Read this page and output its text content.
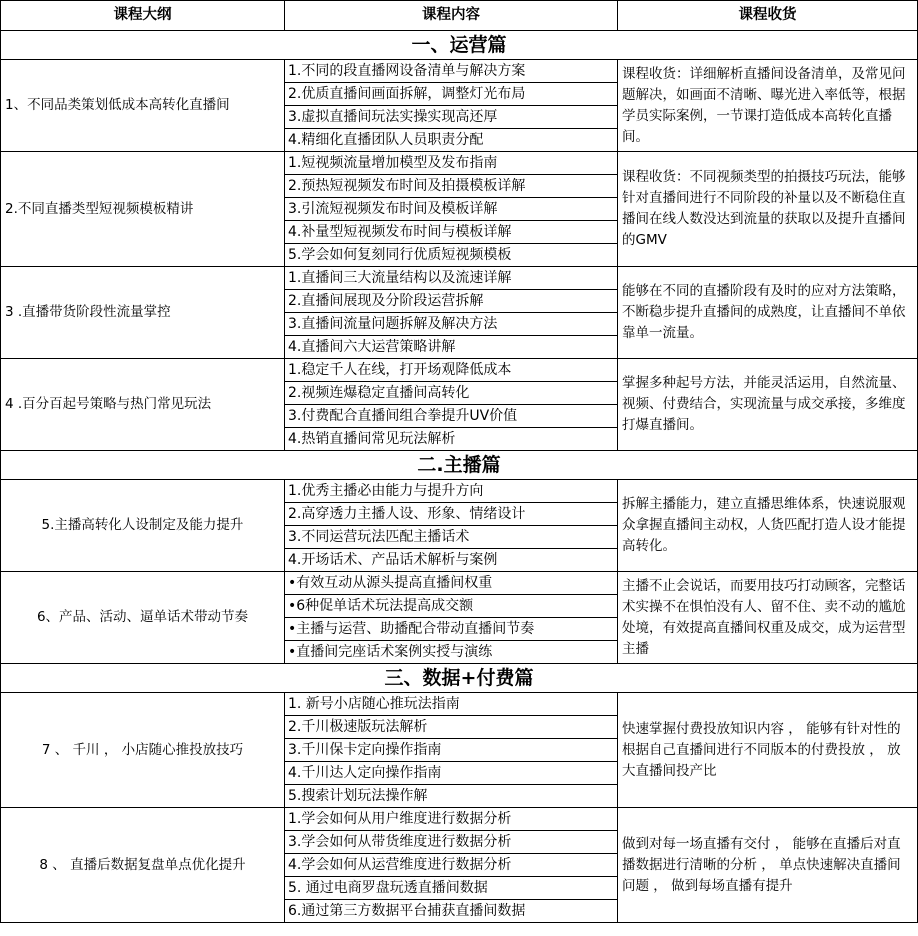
课程大纲	课程内容	课程收货
一、运营篇		
1、不同品类策划低成本高转化直播间	1.不同的段直播网设备清单与解决方案	课程收货：详细解析直播间设备清单，及常见问题解决，如画面不清晰、曝光进入率低等，根据学员实际案例，一节课打造低成本高转化直播间。
	2.优质直播间画面拆解，调整灯光布局	
	3.虚拟直播间玩法实操实现高还厚	
	4.精细化直播团队人员职责分配	
2.不同直播类型短视频模板精讲	1.短视频流量增加模型及发布指南	课程收货：不同视频类型的拍摄技巧玩法，能够针对直播间进行不同阶段的补量以及不断稳住直播间在线人数没达到流量的获取以及提升直播间的GMV
	2.预热短视频发布时间及拍摄模板详解	
	3.引流短视频发布时间及模板详解	
	4.补量型短视频发布时间与模板详解	
	5.学会如何复刻同行优质短视频模板	
3 .直播带货阶段性流量掌控	1.直播间三大流量结构以及流速详解	能够在不同的直播阶段有及时的应对方法策略，不断稳步提升直播间的成熟度，让直播间不单依靠单一流量。
	2.直播间展现及分阶段运营拆解	
	3.直播间流量问题拆解及解决方法	
	4.直播间六大运营策略讲解	
4 .百分百起号策略与热门常见玩法	1.稳定千人在线，打开场观降低成本	掌握多种起号方法，并能灵活运用，自然流量、视频、付费结合，实现流量与成交承接，多维度打爆直播间。
	2.视频连爆稳定直播间高转化	
	3.付费配合直播间组合拳提升UV价值	
	4.热销直播间常见玩法解析	
二.主播篇		
5.主播高转化人设制定及能力提升	1.优秀主播必由能力与提升方向	拆解主播能力，建立直播思维体系，快速说服观众拿握直播间主动权，人货匹配打造人设才能提高转化。
	2.高穿透力主播人设、形象、情绪设计	
	3.不同运营玩法匹配主播话术	
	4.开场话术、产品话术解析与案例	
6、产品、活动、逼单话术带动节奏	•有效互动从源头提高直播间权重	主播不止会说话，而要用技巧打动顾客，完整话术实操不在惧怕没有人、留不住、卖不动的尴尬处境，有效提高直播间权重及成交，成为运营型主播
	•6种促单话术玩法提高成交额	
	•主播与运营、助播配合带动直播间节奏	
	•直播间完座话术案例实授与演练	
三、数据+付费篇		
7 、 千川 ， 小店随心推投放技巧	1. 新号小店随心推玩法指南	快速掌握付费投放知识内容 ， 能够有针对性的根据自己直播间进行不同版本的付费投放 ， 放大直播间投产比
	2.千川极速版玩法解析	
	3.千川保卡定向操作指南	
	4.千川达人定向操作指南	
	5.搜索计划玩法操作解	
8 、 直播后数据复盘单点优化提升	1.学会如何从用户维度进行数据分析	做到对每一场直播有交付 ， 能够在直播后对直播数据进行清晰的分析 ， 单点快速解决直播间问题 ， 做到每场直播有提升
	3.学会如何从带货维度进行数据分析	
	4.学会如何从运营维度进行数据分析	
	5. 通过电商罗盘玩透直播间数据	
	6.通过第三方数据平台捕获直播间数据	
